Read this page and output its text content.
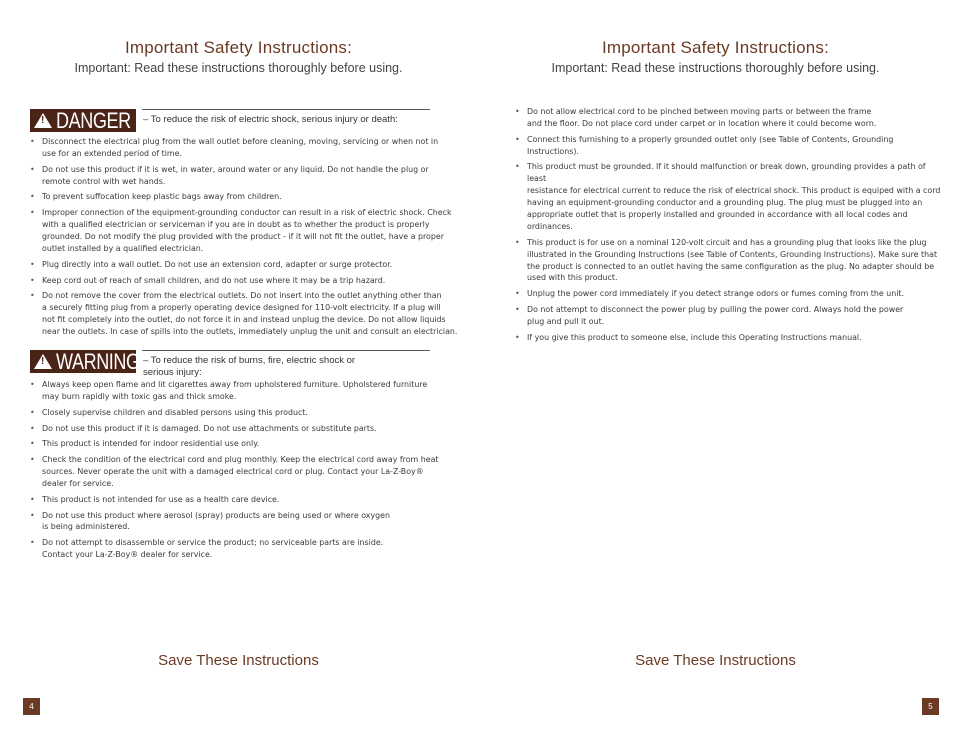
Important Safety Instructions:
Important: Read these instructions thoroughly before using.
! DANGER – To reduce the risk of electric shock, serious injury or death:
• Disconnect the electrical plug from the wall outlet before cleaning, moving, servicing or when not in
use for an extended period of time.
• Do not use this product if it is wet, in water, around water or any liquid. Do not handle the plug or
remote control with wet hands.
• To prevent suffocation keep plastic bags away from children.
• Improper connection of the equipment-grounding conductor can result in a risk of electric shock. Check
with a qualified electrician or serviceman if you are in doubt as to whether the product is properly
grounded. Do not modify the plug provided with the product - if it will not fit the outlet, have a proper
outlet installed by a qualified electrician.
• Plug directly into a wall outlet. Do not use an extension cord, adapter or surge protector.
• Keep cord out of reach of small children, and do not use where it may be a trip hazard.
• Do not remove the cover from the electrical outlets. Do not insert into the outlet anything other than
a securely fitting plug from a properly operating device designed for 110-volt electricity. If a plug will
not fit completely into the outlet, do not force it in and instead unplug the device. Do not allow liquids
near the outlets. In case of spills into the outlets, immediately unplug the unit and consult an electrician.
! WARNING – To reduce the risk of burns, fire, electric shock or
serious injury:
• Always keep open flame and lit cigarettes away from upholstered furniture. Upholstered furniture
may burn rapidly with toxic gas and thick smoke.
• Closely supervise children and disabled persons using this product.
• Do not use this product if it is damaged. Do not use attachments or substitute parts.
• This product is intended for indoor residential use only.
• Check the condition of the electrical cord and plug monthly. Keep the electrical cord away from heat
sources. Never operate the unit with a damaged electrical cord or plug. Contact your La-Z-Boy®
dealer for service.
• This product is not intended for use as a health care device.
• Do not use this product where aerosol (spray) products are being used or where oxygen
is being administered.
• Do not attempt to disassemble or service the product; no serviceable parts are inside.
Contact your La-Z-Boy® dealer for service.
Save These Instructions
4
Important Safety Instructions:
Important: Read these instructions thoroughly before using.
• Do not allow electrical cord to be pinched between moving parts or between the frame
and the floor. Do not place cord under carpet or in location where it could become worn.
• Connect this furnishing to a properly grounded outlet only (see Table of Contents, Grounding Instructions).
• This product must be grounded. If it should malfunction or break down, grounding provides a path of least
resistance for electrical current to reduce the risk of electrical shock. This product is equiped with a cord
having an equipment-grounding conductor and a grounding plug. The plug must be plugged into an
appropriate outlet that is properly installed and grounded in accordance with all local codes and ordinances.
• This product is for use on a nominal 120-volt circuit and has a grounding plug that looks like the plug
illustrated in the Grounding Instructions (see Table of Contents, Grounding Instructions). Make sure that
the product is connected to an outlet having the same configuration as the plug. No adapter should be
used with this product.
• Unplug the power cord immediately if you detect strange odors or fumes coming from the unit.
• Do not attempt to disconnect the power plug by pulling the power cord. Always hold the power
plug and pull it out.
• If you give this product to someone else, include this Operating Instructions manual.
Save These Instructions
5
